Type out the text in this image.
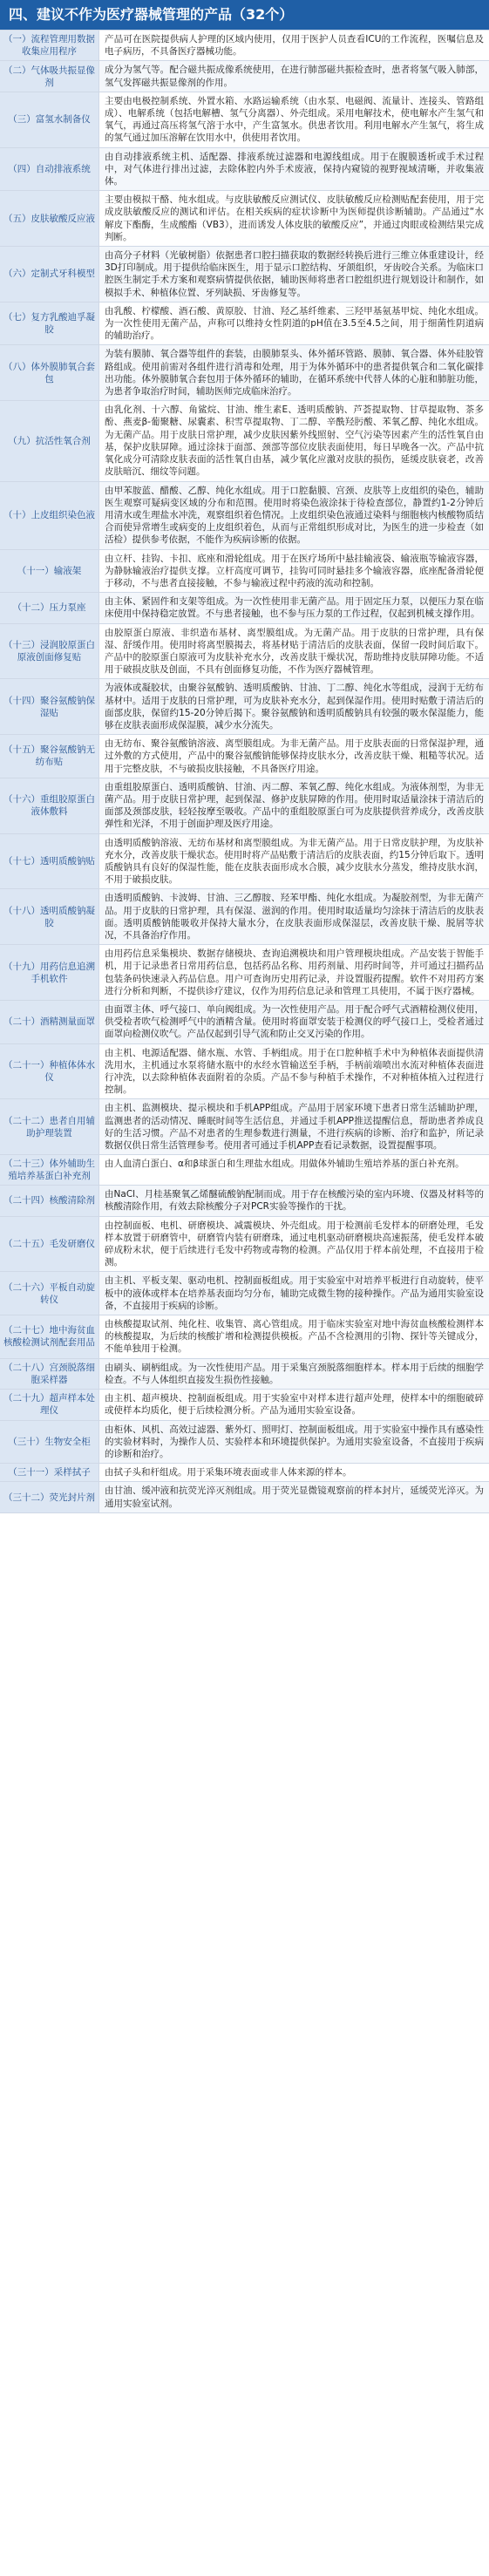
四、建议不作为医疗器械管理的产品（32个）
（一）流程管理用数据收集应用程序
产品可在医院提供病人护理的区域内使用，仅用于医护人员查看ICU的工作流程，医嘱信息及电子病历，不具备医疗器械功能。
（二）气体吸共振显像剂
成分为氢气等。配合磁共振成像系统使用，在进行肺部磁共振检查时，患者将氢气吸入肺部，氢气发挥磁共振显像剂的作用。
（三）富氢水制备仪
主要由电极控制系统、外置水箱、水路运输系统（由水泵、电磁阀、流量计、连接头、管路组成）、电解系统（包括电解槽、氢气分离器）、外壳组成。采用电解技术，使电解水产生氢气和氧气，再通过高压将氢气溶于水中，产生富氢水。供患者饮用。利用电解水产生氢气，将生成的氢气通过加压溶解在饮用水中，供使用者饮用。
（四）自动排液系统
由自动排液系统主机、适配器、排液系统过滤器和电源线组成。用于在腹膜透析或手术过程中，对气体进行排出过滤，去除体腔内外手术废液，保持内窥镜的视野视域清晰，并收集液体。
（五）皮肤敏酸反应液
主要由模拟干酪、纯水组成。与皮肤敏酸反应测试仪、皮肤敏酸反应检测贴配套使用，用于完成皮肤敏酸反应的测试和评估。在相关疾病的症状诊断中为医师提供诊断辅助。产品通过“水解皮下酯酶，生成酸酯（VB3），进而诱发人体皮肤的敏酸反应”，并通过肉眼或检测结果完成判断。
（六）定制式牙科模型
由高分子材料（光敏树脂）依据患者口腔扫描获取的数据经转换后进行三维立体重建设计，经3D打印制成。用于提供给临床医生，用于显示口腔结构、牙颌组织，牙齿咬合关系。为临床口腔医生制定手术方案和观察病情提供依据，辅助医师将患者口腔组织进行规划设计和制作，如模拟手术、种植体位置、牙列缺损、牙齿修复等。
（七）复方乳酸迪孚凝胶
由乳酸、柠檬酸、酒石酸、黄原胶、甘油、羟乙基纤维素、三羟甲基氨基甲烷、纯化水组成。为一次性使用无菌产品，声称可以维持女性阴道的pH值在3.5至4.5之间，用于细菌性阴道病的辅助治疗。
（八）体外膜肺氧合套包
为装有膜肺、氧合器等组件的套装，由膜肺泵头、体外循环管路、膜肺、氧合器、体外硅胶管路组成。使用前需对各组件进行消毒和处理，用于为体外循环中的患者提供氧合和二氧化碳排出功能。体外膜肺氧合套包用于体外循环的辅助，在循环系统中代替人体的心脏和肺脏功能，为患者争取治疗时间，辅助医师完成临床治疗。
（九）抗活性氧合剂
由乳化剂、十六醇、角鲨烷、甘油、维生素E、透明质酸钠、芦荟提取物、甘草提取物、茶多酚、燕麦β-葡聚糖、尿囊素、积雪草提取物、丁二醇、辛酰羟肟酸、苯氧乙醇、纯化水组成。为无菌产品。用于皮肤日常护理，减少皮肤因紫外线照射、空气污染等因素产生的活性氧自由基，保护皮肤屏障。通过涂抹于面部、颈部等部位皮肤表面使用，每日早晚各一次。产品中抗氧化成分可清除皮肤表面的活性氧自由基，减少氧化应激对皮肤的损伤，延缓皮肤衰老，改善皮肤暗沉、细纹等问题。
（十）上皮组织染色液
由甲苯胺蓝、醋酸、乙醇、纯化水组成。用于口腔黏膜、宫颈、皮肤等上皮组织的染色，辅助医生观察可疑病变区域的分布和范围。使用时将染色液涂抹于待检查部位，静置约1-2分钟后用清水或生理盐水冲洗，观察组织着色情况。上皮组织染色液通过染料与细胞核内核酸物质结合而使异常增生或病变的上皮组织着色，从而与正常组织形成对比，为医生的进一步检查（如活检）提供参考依据，不能作为疾病诊断的依据。
（十一）输液架
由立杆、挂钩、卡扣、底座和滑轮组成。用于在医疗场所中悬挂输液袋、输液瓶等输液容器，为静脉输液治疗提供支撑。立杆高度可调节，挂钩可同时悬挂多个输液容器，底座配备滑轮便于移动，不与患者直接接触，不参与输液过程中药液的流动和控制。
（十二）压力泵座
由主体、紧固件和支架等组成。为一次性使用非无菌产品。用于固定压力泵，以便压力泵在临床使用中保持稳定放置。不与患者接触，也不参与压力泵的工作过程，仅起到机械支撑作用。
（十三）浸润胶原蛋白原液创面修复贴
由胶原蛋白原液、非织造布基材、离型膜组成。为无菌产品。用于皮肤的日常护理，具有保湿、舒缓作用。使用时将离型膜揭去，将基材贴于清洁后的皮肤表面，保留一段时间后取下。产品中的胶原蛋白原液可为皮肤补充水分，改善皮肤干燥状况，帮助维持皮肤屏障功能。不适用于破损皮肤及创面，不具有创面修复功能，不作为医疗器械管理。
（十四）聚谷氨酸钠保湿贴
为液体或凝胶状，由聚谷氨酸钠、透明质酸钠、甘油、丁二醇、纯化水等组成，浸润于无纺布基材中。适用于皮肤的日常护理，可为皮肤补充水分，起到保湿作用。使用时贴敷于清洁后的面部皮肤，保留约15-20分钟后揭下。聚谷氨酸钠和透明质酸钠具有较强的吸水保湿能力，能够在皮肤表面形成保湿膜，减少水分流失。
（十五）聚谷氨酸钠无纺布贴
由无纺布、聚谷氨酸钠溶液、离型膜组成。为非无菌产品。用于皮肤表面的日常保湿护理，通过外敷的方式使用，产品中的聚谷氨酸钠能够保持皮肤水分，改善皮肤干燥、粗糙等状况。适用于完整皮肤，不与破损皮肤接触，不具备医疗用途。
（十六）重组胶原蛋白液体敷料
由重组胶原蛋白、透明质酸钠、甘油、丙二醇、苯氧乙醇、纯化水组成。为液体剂型，为非无菌产品。用于皮肤日常护理，起到保湿、修护皮肤屏障的作用。使用时取适量涂抹于清洁后的面部及颈部皮肤，轻轻按摩至吸收。产品中的重组胶原蛋白可为皮肤提供营养成分，改善皮肤弹性和光泽，不用于创面护理及医疗用途。
（十七）透明质酸钠贴
由透明质酸钠溶液、无纺布基材和离型膜组成。为非无菌产品。用于日常皮肤护理，为皮肤补充水分，改善皮肤干燥状态。使用时将产品贴敷于清洁后的皮肤表面，约15分钟后取下。透明质酸钠具有良好的保湿性能，能在皮肤表面形成水合膜，减少皮肤水分蒸发，维持皮肤水润，不用于破损皮肤。
（十八）透明质酸钠凝胶
由透明质酸钠、卡波姆、甘油、三乙醇胺、羟苯甲酯、纯化水组成。为凝胶剂型，为非无菌产品。用于皮肤的日常护理，具有保湿、滋润的作用。使用时取适量均匀涂抹于清洁后的皮肤表面。透明质酸钠能吸收并保持大量水分，在皮肤表面形成保湿层，改善皮肤干燥、脱屑等状况，不具备治疗作用。
（十九）用药信息追溯手机软件
由用药信息采集模块、数据存储模块、查询追溯模块和用户管理模块组成。产品安装于智能手机，用于记录患者日常用药信息，包括药品名称、用药剂量、用药时间等，并可通过扫描药品包装条码快速录入药品信息。用户可查询历史用药记录，并设置服药提醒。软件不对用药方案进行分析和判断，不提供诊疗建议，仅作为用药信息记录和管理工具使用，不属于医疗器械。
（二十）酒精测量面罩
由面罩主体、呼气接口、单向阀组成。为一次性使用产品。用于配合呼气式酒精检测仪使用，供受检者吹气检测呼气中的酒精含量。使用时将面罩安装于检测仪的呼气接口上，受检者通过面罩向检测仪吹气。产品仅起到引导气流和防止交叉污染的作用。
（二十一）种植体体水仪
由主机、电源适配器、储水瓶、水管、手柄组成。用于在口腔种植手术中为种植体表面提供清洗用水，主机通过水泵将储水瓶中的水经水管输送至手柄，手柄前端喷出水流对种植体表面进行冲洗，以去除种植体表面附着的杂质。产品不参与种植手术操作，不对种植体植入过程进行控制。
（二十二）患者自用辅助护理装置
由主机、监测模块、提示模块和手机APP组成。产品用于居家环境下患者日常生活辅助护理，监测患者的活动情况、睡眠时间等生活信息，并通过手机APP推送提醒信息，帮助患者养成良好的生活习惯。产品不对患者的生理参数进行测量，不进行疾病的诊断、治疗和监护，所记录数据仅供日常生活管理参考。使用者可通过手机APP查看记录数据，设置提醒事项。
（二十三）体外辅助生殖培养基蛋白补充剂
由人血清白蛋白、α和β球蛋白和生理盐水组成。用做体外辅助生殖培养基的蛋白补充剂。
（二十四）核酸清除剂
由NaCl、月桂基聚氧乙烯醚硫酸钠配制而成。用于存在核酸污染的室内环境、仪器及材料等的核酸清除作用，有效去除核酸分子对PCR实验等操作的干扰。
（二十五）毛发研磨仪
由控制面板、电机、研磨模块、减震模块、外壳组成。用于检测前毛发样本的研磨处理，毛发样本放置于研磨管中，研磨管内装有研磨珠，通过电机驱动研磨模块高速振荡，使毛发样本破碎成粉末状，便于后续进行毛发中药物或毒物的检测。产品仅用于样本前处理，不直接用于检测。
（二十六）平板自动旋转仪
由主机、平板支架、驱动电机、控制面板组成。用于实验室中对培养平板进行自动旋转，使平板中的液体或样本在培养基表面均匀分布，辅助完成微生物的接种操作。产品为通用实验室设备，不直接用于疾病的诊断。
（二十七）地中海贫血核酸检测试剂配套用品
由核酸提取试剂、纯化柱、收集管、离心管组成。用于临床实验室对地中海贫血核酸检测样本的核酸提取，为后续的核酸扩增和检测提供模板。产品不含检测用的引物、探针等关键成分，不能单独用于检测。
（二十八）宫颈脱落细胞采样器
由刷头、刷柄组成。为一次性使用产品。用于采集宫颈脱落细胞样本。样本用于后续的细胞学检查。不与人体组织直接发生损伤性接触。
（二十九）超声样本处理仪
由主机、超声模块、控制面板组成。用于实验室中对样本进行超声处理，使样本中的细胞破碎或使样本均质化，便于后续检测分析。产品为通用实验室设备。
（三十）生物安全柜
由柜体、风机、高效过滤器、紫外灯、照明灯、控制面板组成。用于实验室中操作具有感染性的实验材料时，为操作人员、实验样本和环境提供保护。为通用实验室设备，不直接用于疾病的诊断和治疗。
（三十一）采样拭子	由拭子头和杆组成。用于采集环境表面或非人体来源的样本。
（三十二）荧光封片剂
由甘油、缓冲液和抗荧光淬灭剂组成。用于荧光显微镜观察前的样本封片，延缓荧光淬灭。为通用实验室试剂。
